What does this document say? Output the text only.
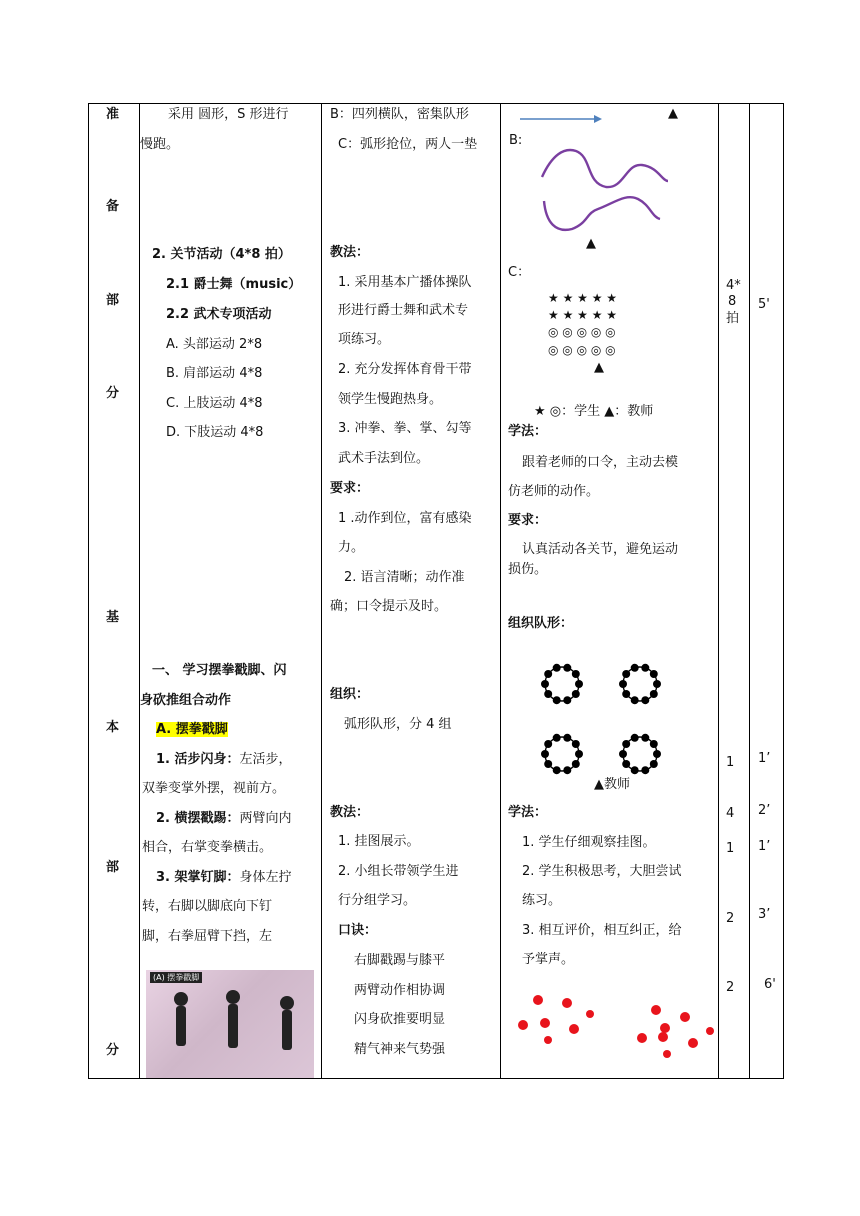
准
备
部
分
基
本
部
分
采用 圆形，S 形进行
慢跑。
2. 关节活动（4*8 拍）
2.1 爵士舞（music）
2.2 武术专项活动
A. 头部运动 2*8
B. 肩部运动 4*8
C. 上肢运动 4*8
D. 下肢运动 4*8
一、 学习摆拳戳脚、闪
身砍推组合动作
A. 摆拳戳脚
1. 活步闪身：左活步，
双拳变掌外摆，视前方。
2. 横摆戳踢：两臂向内
相合，右掌变拳横击。
3. 架掌钉脚：身体左拧
转，右脚以脚底向下钉
脚，右拳屈臂下挡，左
(A) 摆拳戳脚
B：四列横队，密集队形
C：弧形抢位，两人一垫
教法：
1. 采用基本广播体操队
形进行爵士舞和武术专
项练习。
2. 充分发挥体育骨干带
领学生慢跑热身。
3. 冲拳、拳、掌、勾等
武术手法到位。
要求：
1 .动作到位，富有感染
力。
2. 语言清晰；动作准
确；口令提示及时。
组织：
弧形队形，分 4 组
教法：
1. 挂图展示。
2. 小组长带领学生进
行分组学习。
口诀：
右脚戳踢与膝平
两臂动作相协调
闪身砍推要明显
精气神来气势强
▲
B:
▲
C：
★ ★ ★ ★ ★
★ ★ ★ ★ ★
◎ ◎ ◎ ◎ ◎
◎ ◎ ◎ ◎ ◎
▲
★ ◎：学生 ▲：教师
学法：
跟着老师的口令，主动去模
仿老师的动作。
要求：
认真活动各关节，避免运动
损伤。
组织队形：
▲教师
学法：
1. 学生仔细观察挂图。
2. 学生积极思考，大胆尝试
练习。
3. 相互评价，相互纠正，给
予掌声。
4*
8
拍
1
4
1
2
2
5'
1’
2’
1’
3’
6'
